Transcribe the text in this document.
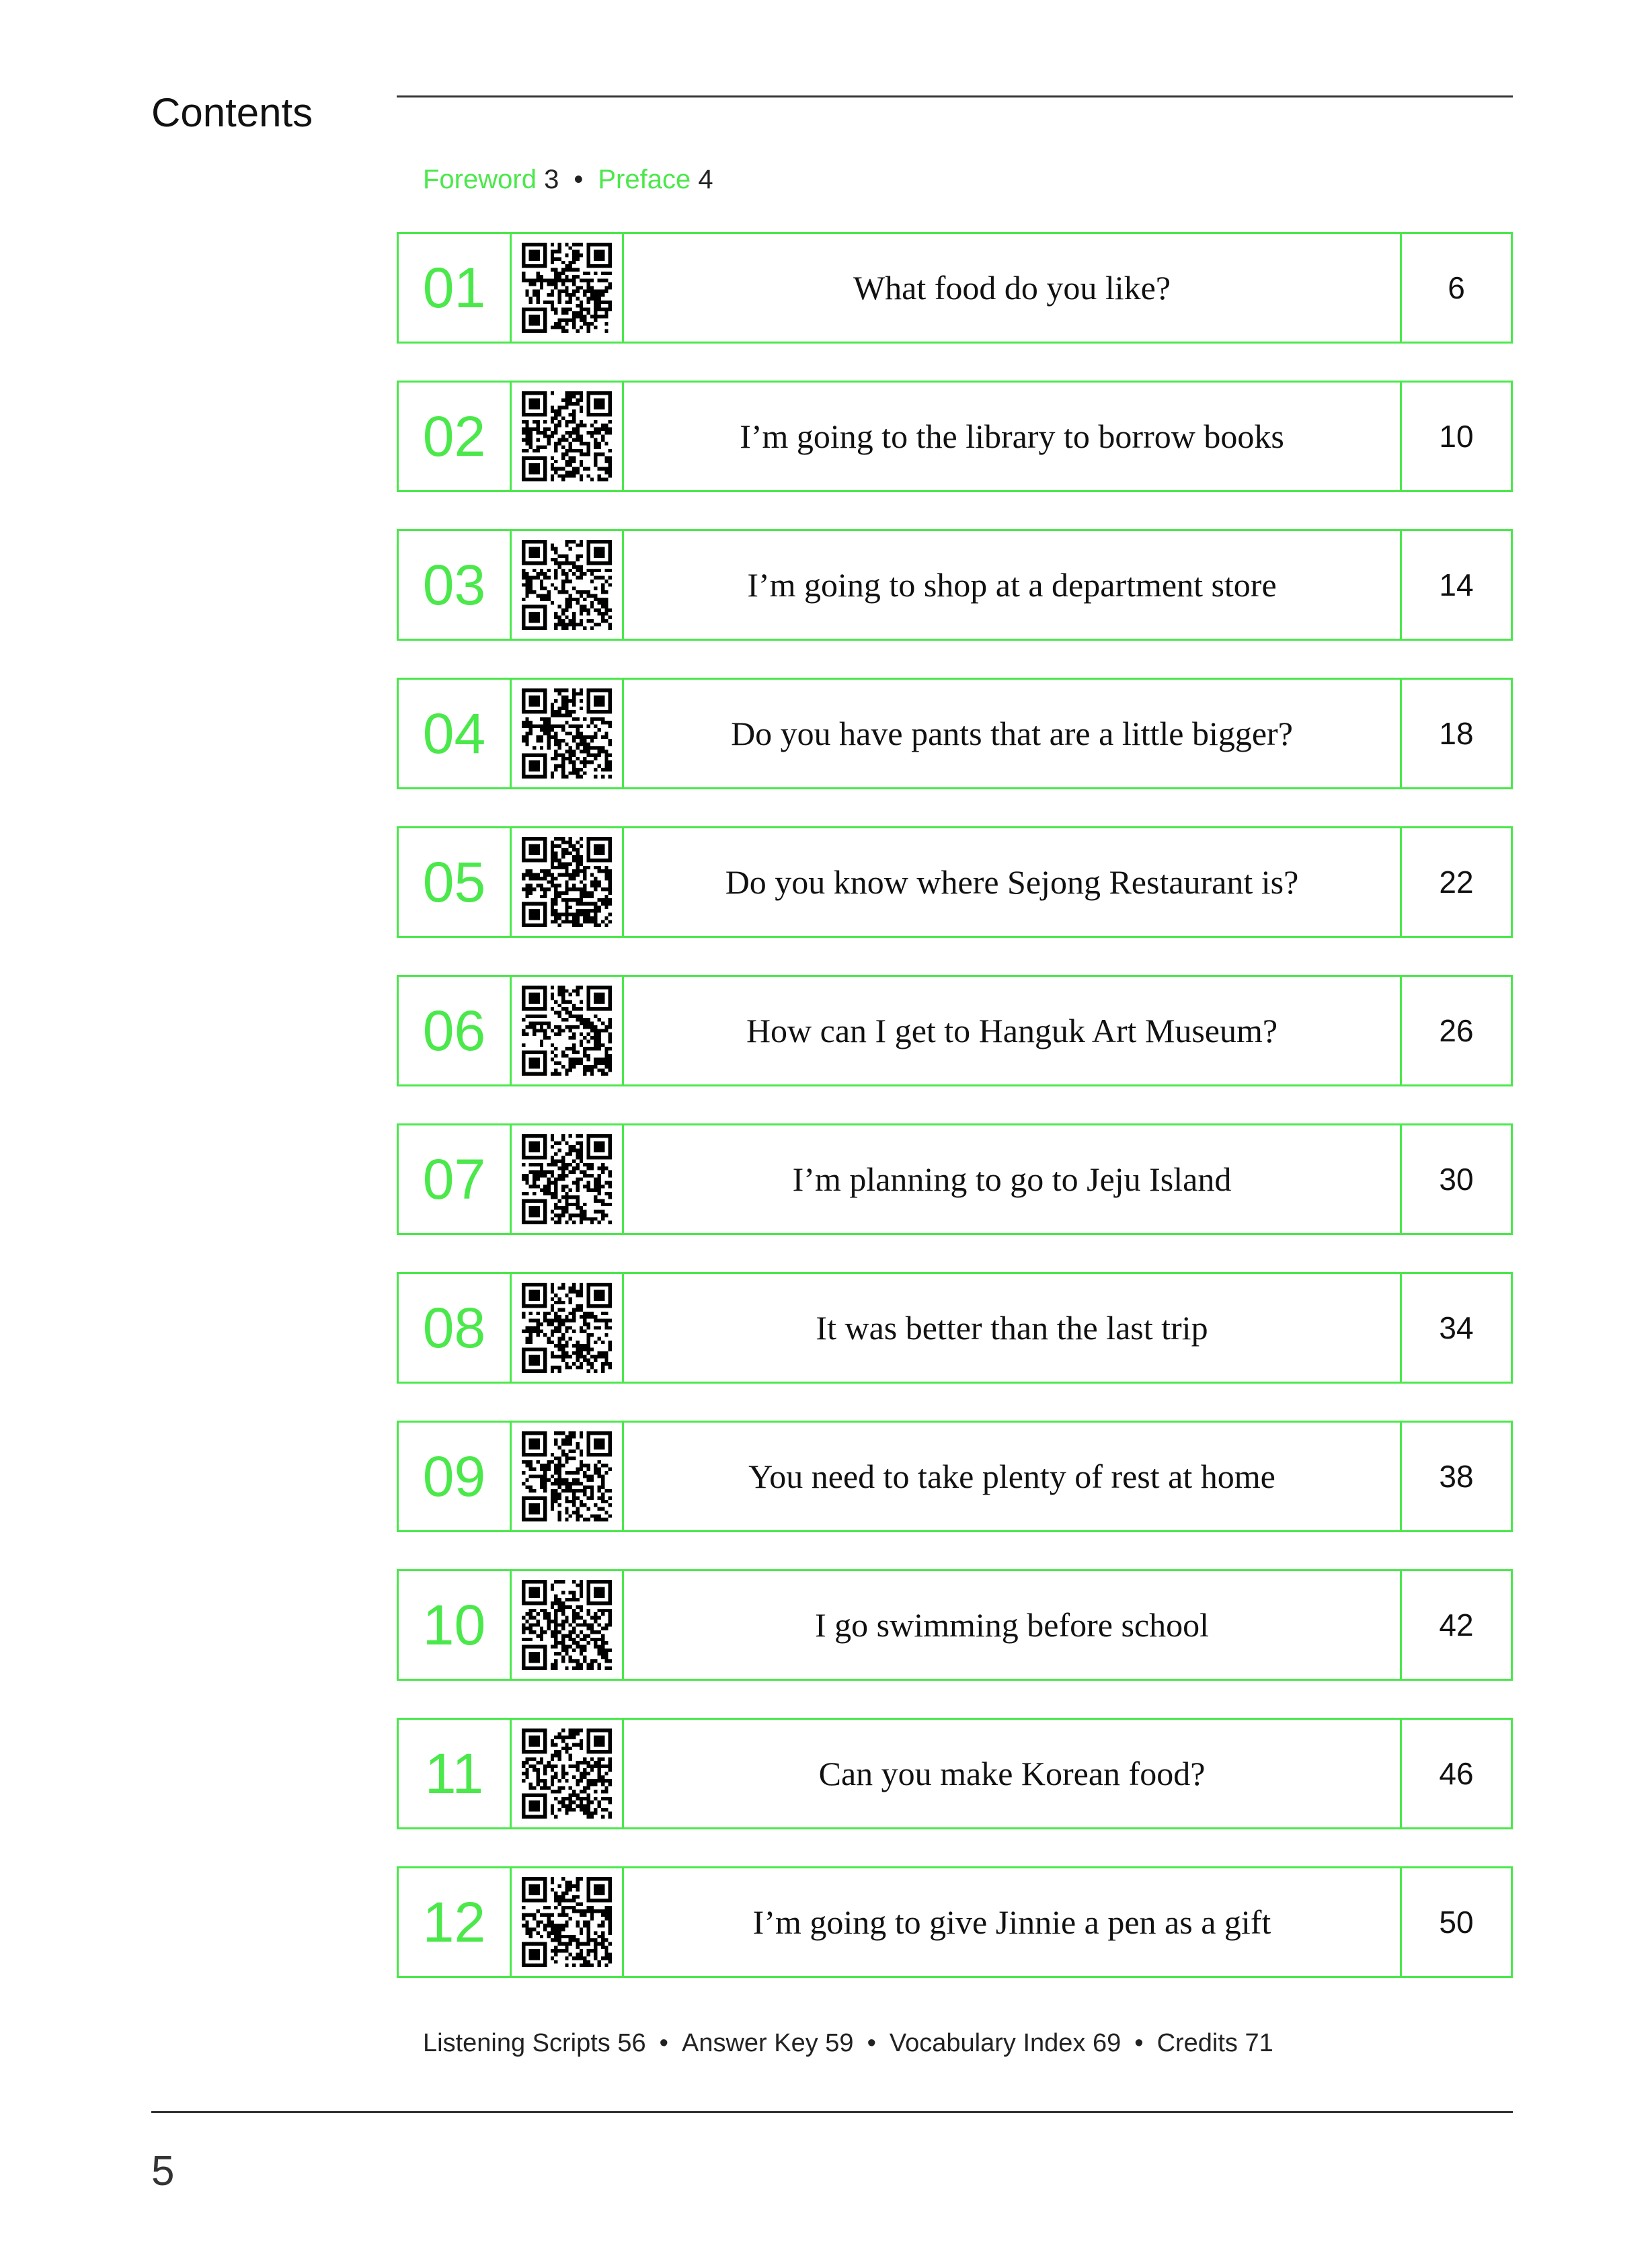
Contents
Foreword 3 • Preface 4
01	What food do you like?	6
02	I’m going to the library to borrow books	10
03	I’m going to shop at a department store	14
04	Do you have pants that are a little bigger?	18
05	Do you know where Sejong Restaurant is?	22
06	How can I get to Hanguk Art Museum?	26
07	I’m planning to go to Jeju Island	30
08	It was better than the last trip	34
09	You need to take plenty of rest at home	38
10	I go swimming before school	42
11	Can you make Korean food?	46
12	I’m going to give Jinnie a pen as a gift	50
Listening Scripts 56 • Answer Key 59 • Vocabulary Index 69 • Credits 71
5
